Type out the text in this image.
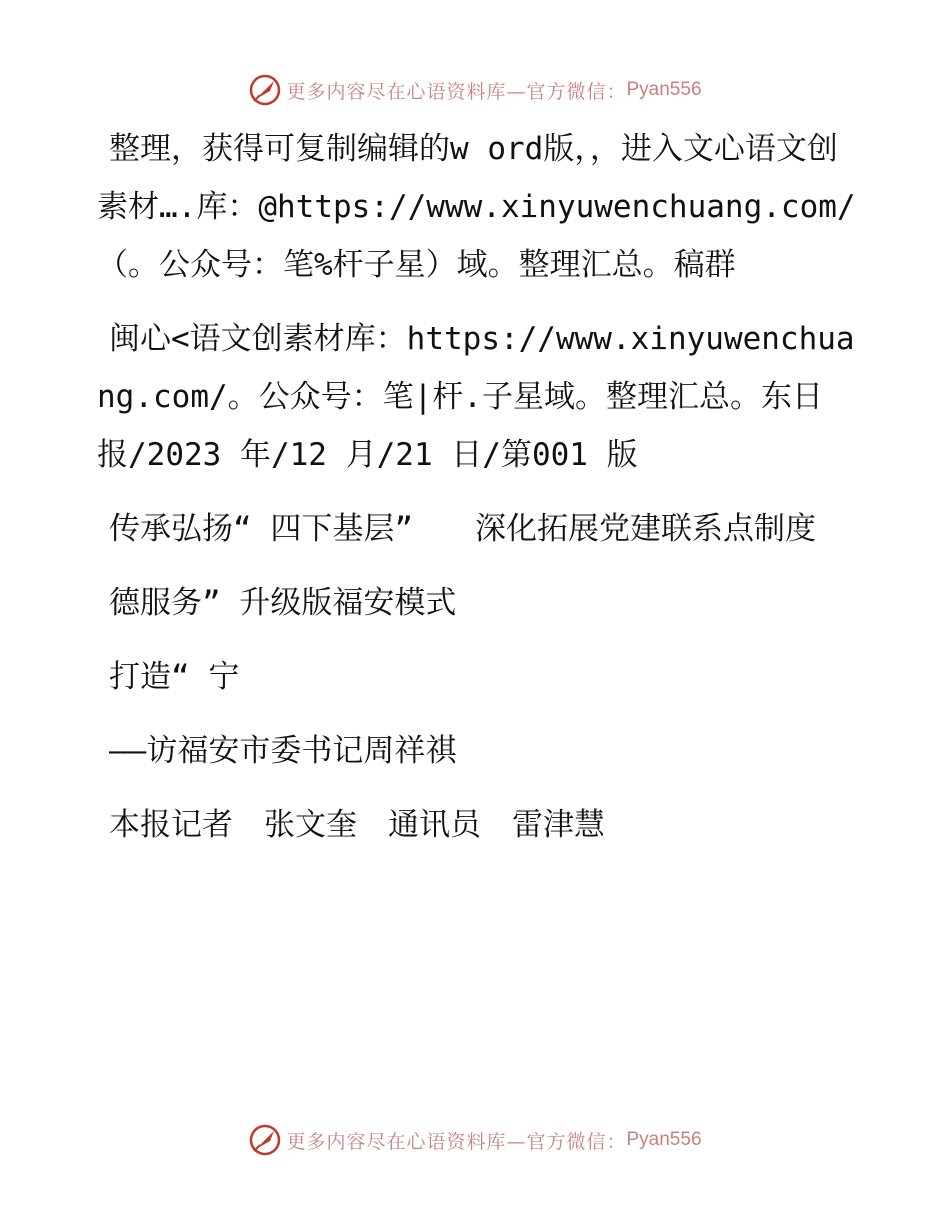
更多内容尽在心语资料库—官方微信： Pyan556

整理，获得可复制编辑的w ord版，，进入文心语文创素材….库：@https://www.xinyuwenchuang.com/（。公众号：笔%杆子星）域。整理汇总。稿群

闽心<语文创素材库：https://www.xinyuwenchuang.com/。公众号：笔|杆.子星域。整理汇总。东日报/2023 年/12 月/21 日/第001 版

传承弘扬“ 四下基层”　　深化拓展党建联系点制度

德服务” 升级版福安模式

打造“ 宁

——访福安市委书记周祥祺

本报记者　张文奎　通讯员　雷津慧

更多内容尽在心语资料库—官方微信： Pyan556
